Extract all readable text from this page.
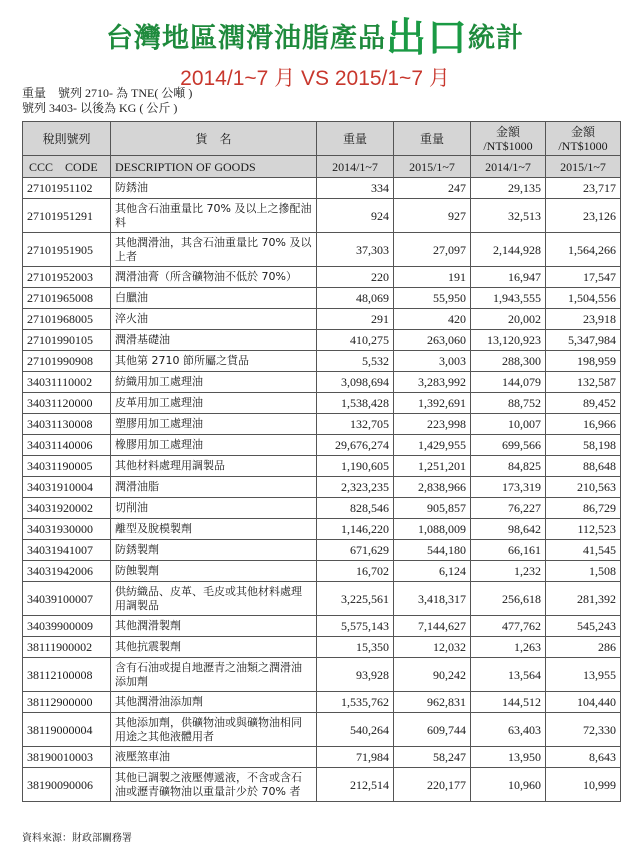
台灣地區潤滑油脂產品出口統計
2014/1~7 月 VS 2015/1~7 月
重量　號列 2710- 為 TNE( 公噸 )
號列 3403- 以後為 KG ( 公斤 )
稅則號列	貨　名	重量	重量	金額 /NT$1000	金額 /NT$1000
CCC　CODE	DESCRIPTION OF GOODS	2014/1~7	2015/1~7	2014/1~7	2015/1~7
27101951102	防銹油	334	247	29,135	23,717
27101951291	其他含石油重量比 70% 及以上之摻配油料	924	927	32,513	23,126
27101951905	其他潤滑油，其含石油重量比 70% 及以上者	37,303	27,097	2,144,928	1,564,266
27101952003	潤滑油膏（所含礦物油不低於 70%）	220	191	16,947	17,547
27101965008	白臘油	48,069	55,950	1,943,555	1,504,556
27101968005	淬火油	291	420	20,002	23,918
27101990105	潤滑基礎油	410,275	263,060	13,120,923	5,347,984
27101990908	其他第 2710 節所屬之貨品	5,532	3,003	288,300	198,959
34031110002	紡織用加工處理油	3,098,694	3,283,992	144,079	132,587
34031120000	皮革用加工處理油	1,538,428	1,392,691	88,752	89,452
34031130008	塑膠用加工處理油	132,705	223,998	10,007	16,966
34031140006	橡膠用加工處理油	29,676,274	1,429,955	699,566	58,198
34031190005	其他材料處理用調製品	1,190,605	1,251,201	84,825	88,648
34031910004	潤滑油脂	2,323,235	2,838,966	173,319	210,563
34031920002	切削油	828,546	905,857	76,227	86,729
34031930000	離型及脫模製劑	1,146,220	1,088,009	98,642	112,523
34031941007	防銹製劑	671,629	544,180	66,161	41,545
34031942006	防蝕製劑	16,702	6,124	1,232	1,508
34039100007	供紡織品、皮革、毛皮或其他材料處理用調製品	3,225,561	3,418,317	256,618	281,392
34039900009	其他潤滑製劑	5,575,143	7,144,627	477,762	545,243
38111900002	其他抗震製劑	15,350	12,032	1,263	286
38112100008	含有石油或提自地瀝青之油類之潤滑油添加劑	93,928	90,242	13,564	13,955
38112900000	其他潤滑油添加劑	1,535,762	962,831	144,512	104,440
38119000004	其他添加劑，供礦物油或與礦物油相同用途之其他液體用者	540,264	609,744	63,403	72,330
38190010003	液壓煞車油	71,984	58,247	13,950	8,643
38190090006	其他已調製之液壓傳遞液，不含或含石油或瀝青礦物油以重量計少於 70% 者	212,514	220,177	10,960	10,999
資料來源：財政部關務署
